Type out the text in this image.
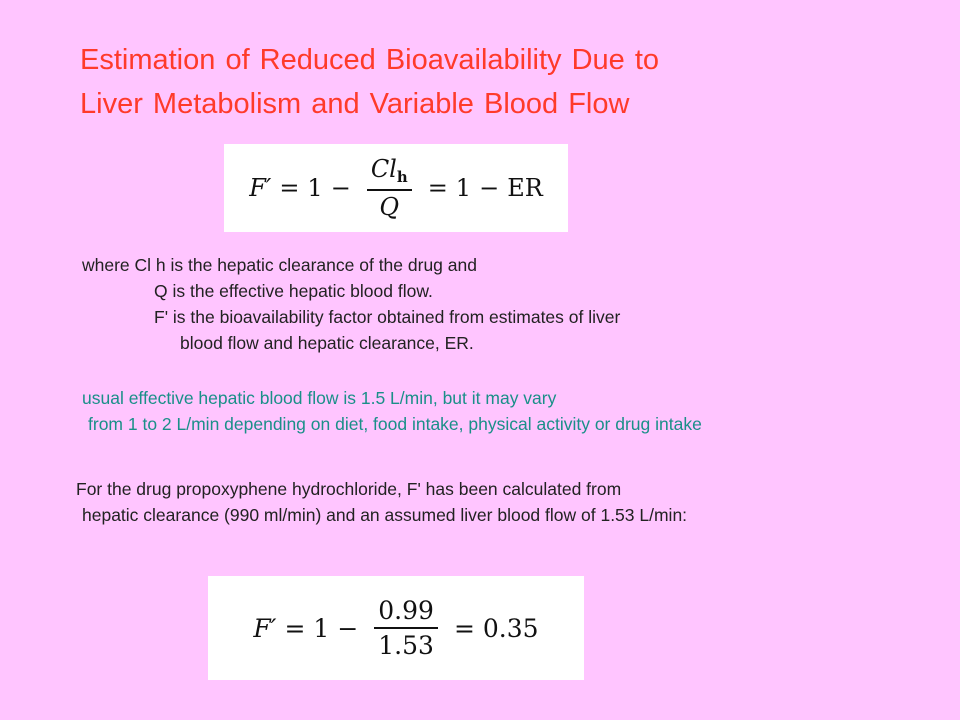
Estimation of Reduced Bioavailability Due to
Liver Metabolism and Variable Blood Flow
$F' = 1 - \frac{Cl_h}{Q} = 1$ − ER
where Cl h is the hepatic clearance of the drug and
Q is the effective hepatic blood flow.
F' is the bioavailability factor obtained from estimates of liver
blood flow and hepatic clearance, ER.
usual effective hepatic blood flow is 1.5 L/min, but it may vary
from 1 to 2 L/min depending on diet, food intake, physical activity or drug intake
For the drug propoxyphene hydrochloride, F' has been calculated from
hepatic clearance (990 ml/min) and an assumed liver blood flow of 1.53 L/min:
$F' = 1 - \frac{0.99}{1.53} = 0.35$
